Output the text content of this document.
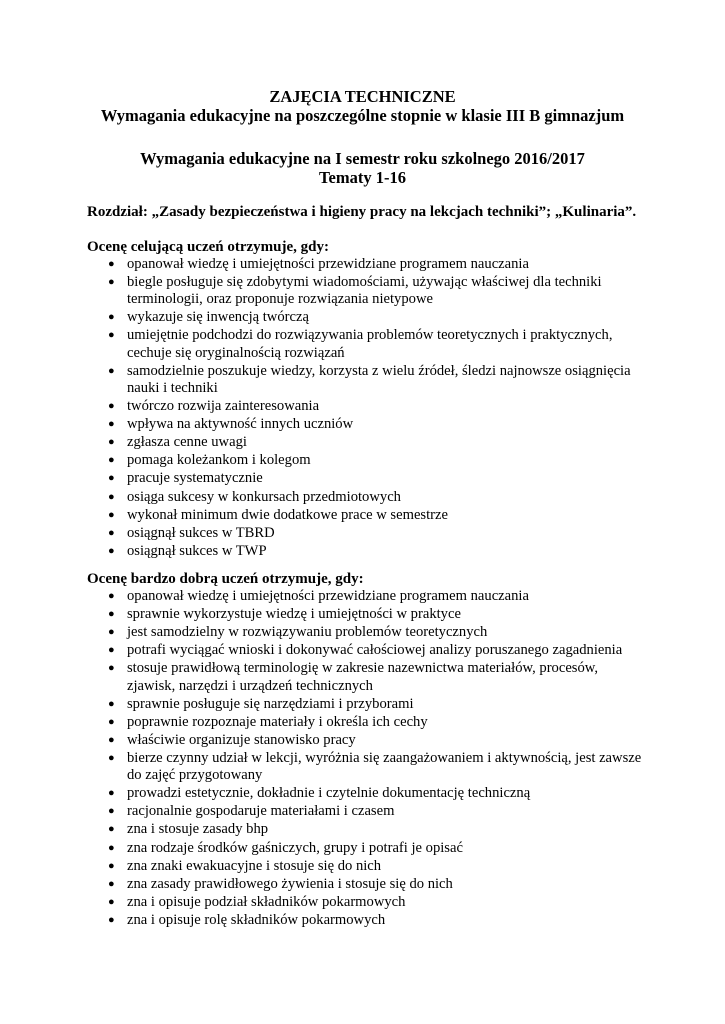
ZAJĘCIA TECHNICZNE
Wymagania edukacyjne na poszczególne stopnie w klasie III B gimnazjum
Wymagania edukacyjne na I semestr roku szkolnego 2016/2017
Tematy 1-16
Rozdział: „Zasady bezpieczeństwa i higieny pracy na lekcjach techniki”; „Kulinaria”.
Ocenę celującą uczeń otrzymuje, gdy:
● opanował wiedzę i umiejętności przewidziane programem nauczania
● biegle posługuje się zdobytymi wiadomościami, używając właściwej dla techniki terminologii, oraz proponuje rozwiązania nietypowe
● wykazuje się inwencją twórczą
● umiejętnie podchodzi do rozwiązywania problemów teoretycznych i praktycznych, cechuje się oryginalnością rozwiązań
● samodzielnie poszukuje wiedzy, korzysta z wielu źródeł, śledzi najnowsze osiągnięcia nauki i techniki
● twórczo rozwija zainteresowania
● wpływa na aktywność innych uczniów
● zgłasza cenne uwagi
● pomaga koleżankom i kolegom
● pracuje systematycznie
● osiąga sukcesy w konkursach przedmiotowych
● wykonał minimum dwie dodatkowe prace w semestrze
● osiągnął sukces w TBRD
● osiągnął sukces w TWP
Ocenę bardzo dobrą uczeń otrzymuje, gdy:
● opanował wiedzę i umiejętności przewidziane programem nauczania
● sprawnie wykorzystuje wiedzę i umiejętności w praktyce
● jest samodzielny w rozwiązywaniu problemów teoretycznych
● potrafi wyciągać wnioski i dokonywać całościowej analizy poruszanego zagadnienia
● stosuje prawidłową terminologię w zakresie nazewnictwa materiałów, procesów, zjawisk, narzędzi i urządzeń technicznych
● sprawnie posługuje się narzędziami i przyborami
● poprawnie rozpoznaje materiały i określa ich cechy
● właściwie organizuje stanowisko pracy
● bierze czynny udział w lekcji, wyróżnia się zaangażowaniem i aktywnością, jest zawsze do zajęć przygotowany
● prowadzi estetycznie, dokładnie i czytelnie dokumentację techniczną
● racjonalnie gospodaruje materiałami i czasem
● zna i stosuje zasady bhp
● zna rodzaje środków gaśniczych, grupy i potrafi je opisać
● zna znaki ewakuacyjne i stosuje się do nich
● zna zasady prawidłowego żywienia i stosuje się do nich
● zna i opisuje podział składników pokarmowych
● zna i opisuje rolę składników pokarmowych
